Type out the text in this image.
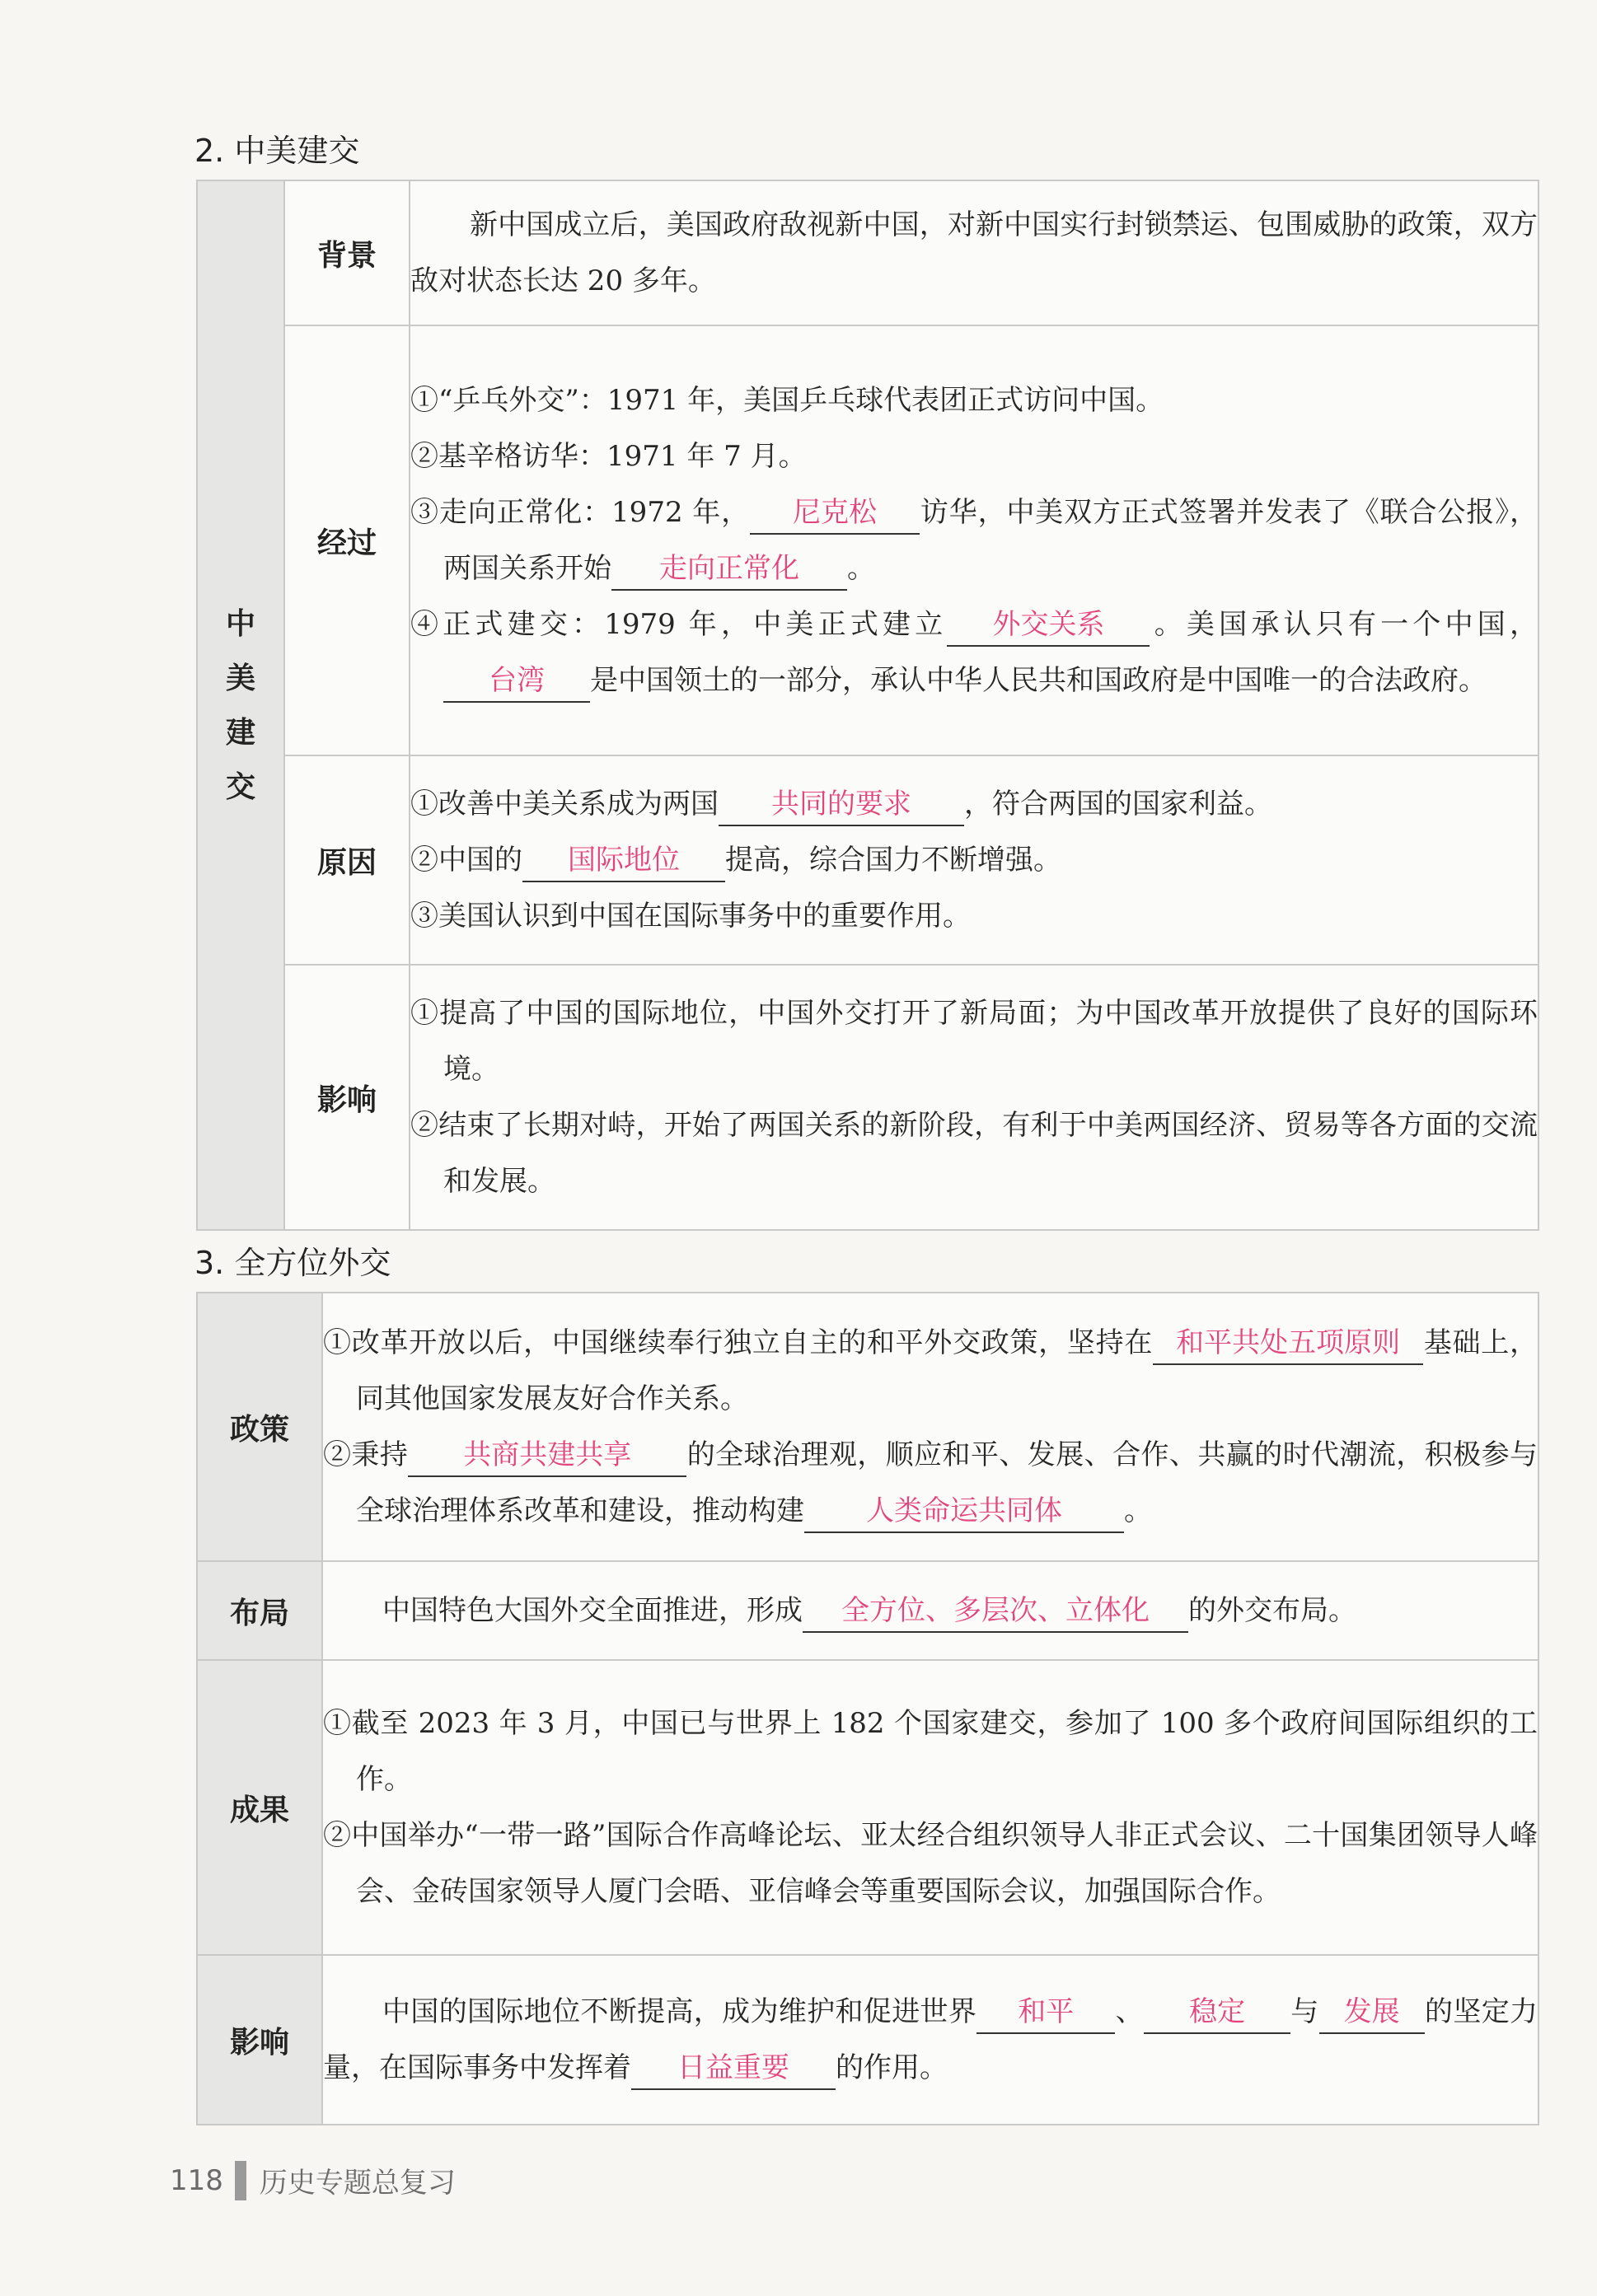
2. 中美建交
中
美
建
交	背景	新中国成立后，美国政府敌视新中国，对新中国实行封锁禁运、包围威胁的政策，双方敌对状态长达 20 多年。

	经过	①“乒乓外交”：1971 年，美国乒乓球代表团正式访问中国。

②基辛格访华：1971 年 7 月。

③走向正常化：1972 年， 尼克松 访华，中美双方正式签署并发表了《联合公报》，两国关系开始 走向正常化 。

④正式建交：1979 年，中美正式建立 外交关系 。美国承认只有一个中国，台湾 是中国领土的一部分，承认中华人民共和国政府是中国唯一的合法政府。

	原因	①改善中美关系成为两国 共同的要求 ，符合两国的国家利益。

②中国的 国际地位 提高，综合国力不断增强。

③美国认识到中国在国际事务中的重要作用。

	影响	①提高了中国的国际地位，中国外交打开了新局面；为中国改革开放提供了良好的国际环境。

②结束了长期对峙，开始了两国关系的新阶段，有利于中美两国经济、贸易等各方面的交流和发展。

3. 全方位外交
政策	①改革开放以后，中国继续奉行独立自主的和平外交政策，坚持在 和平共处五项原则 基础上，同其他国家发展友好合作关系。

②秉持 共商共建共享 的全球治理观，顺应和平、发展、合作、共赢的时代潮流，积极参与全球治理体系改革和建设，推动构建 人类命运共同体 。

布局	中国特色大国外交全面推进，形成 全方位、多层次、立体化 的外交布局。

成果	①截至 2023 年 3 月，中国已与世界上 182 个国家建交，参加了 100 多个政府间国际组织的工作。

②中国举办“一带一路”国际合作高峰论坛、亚太经合组织领导人非正式会议、二十国集团领导人峰会、金砖国家领导人厦门会晤、亚信峰会等重要国际会议，加强国际合作。

影响	中国的国际地位不断提高，成为维护和促进世界 和平 、 稳定 与 发展 的坚定力量，在国际事务中发挥着 日益重要 的作用。

118 历史专题总复习
